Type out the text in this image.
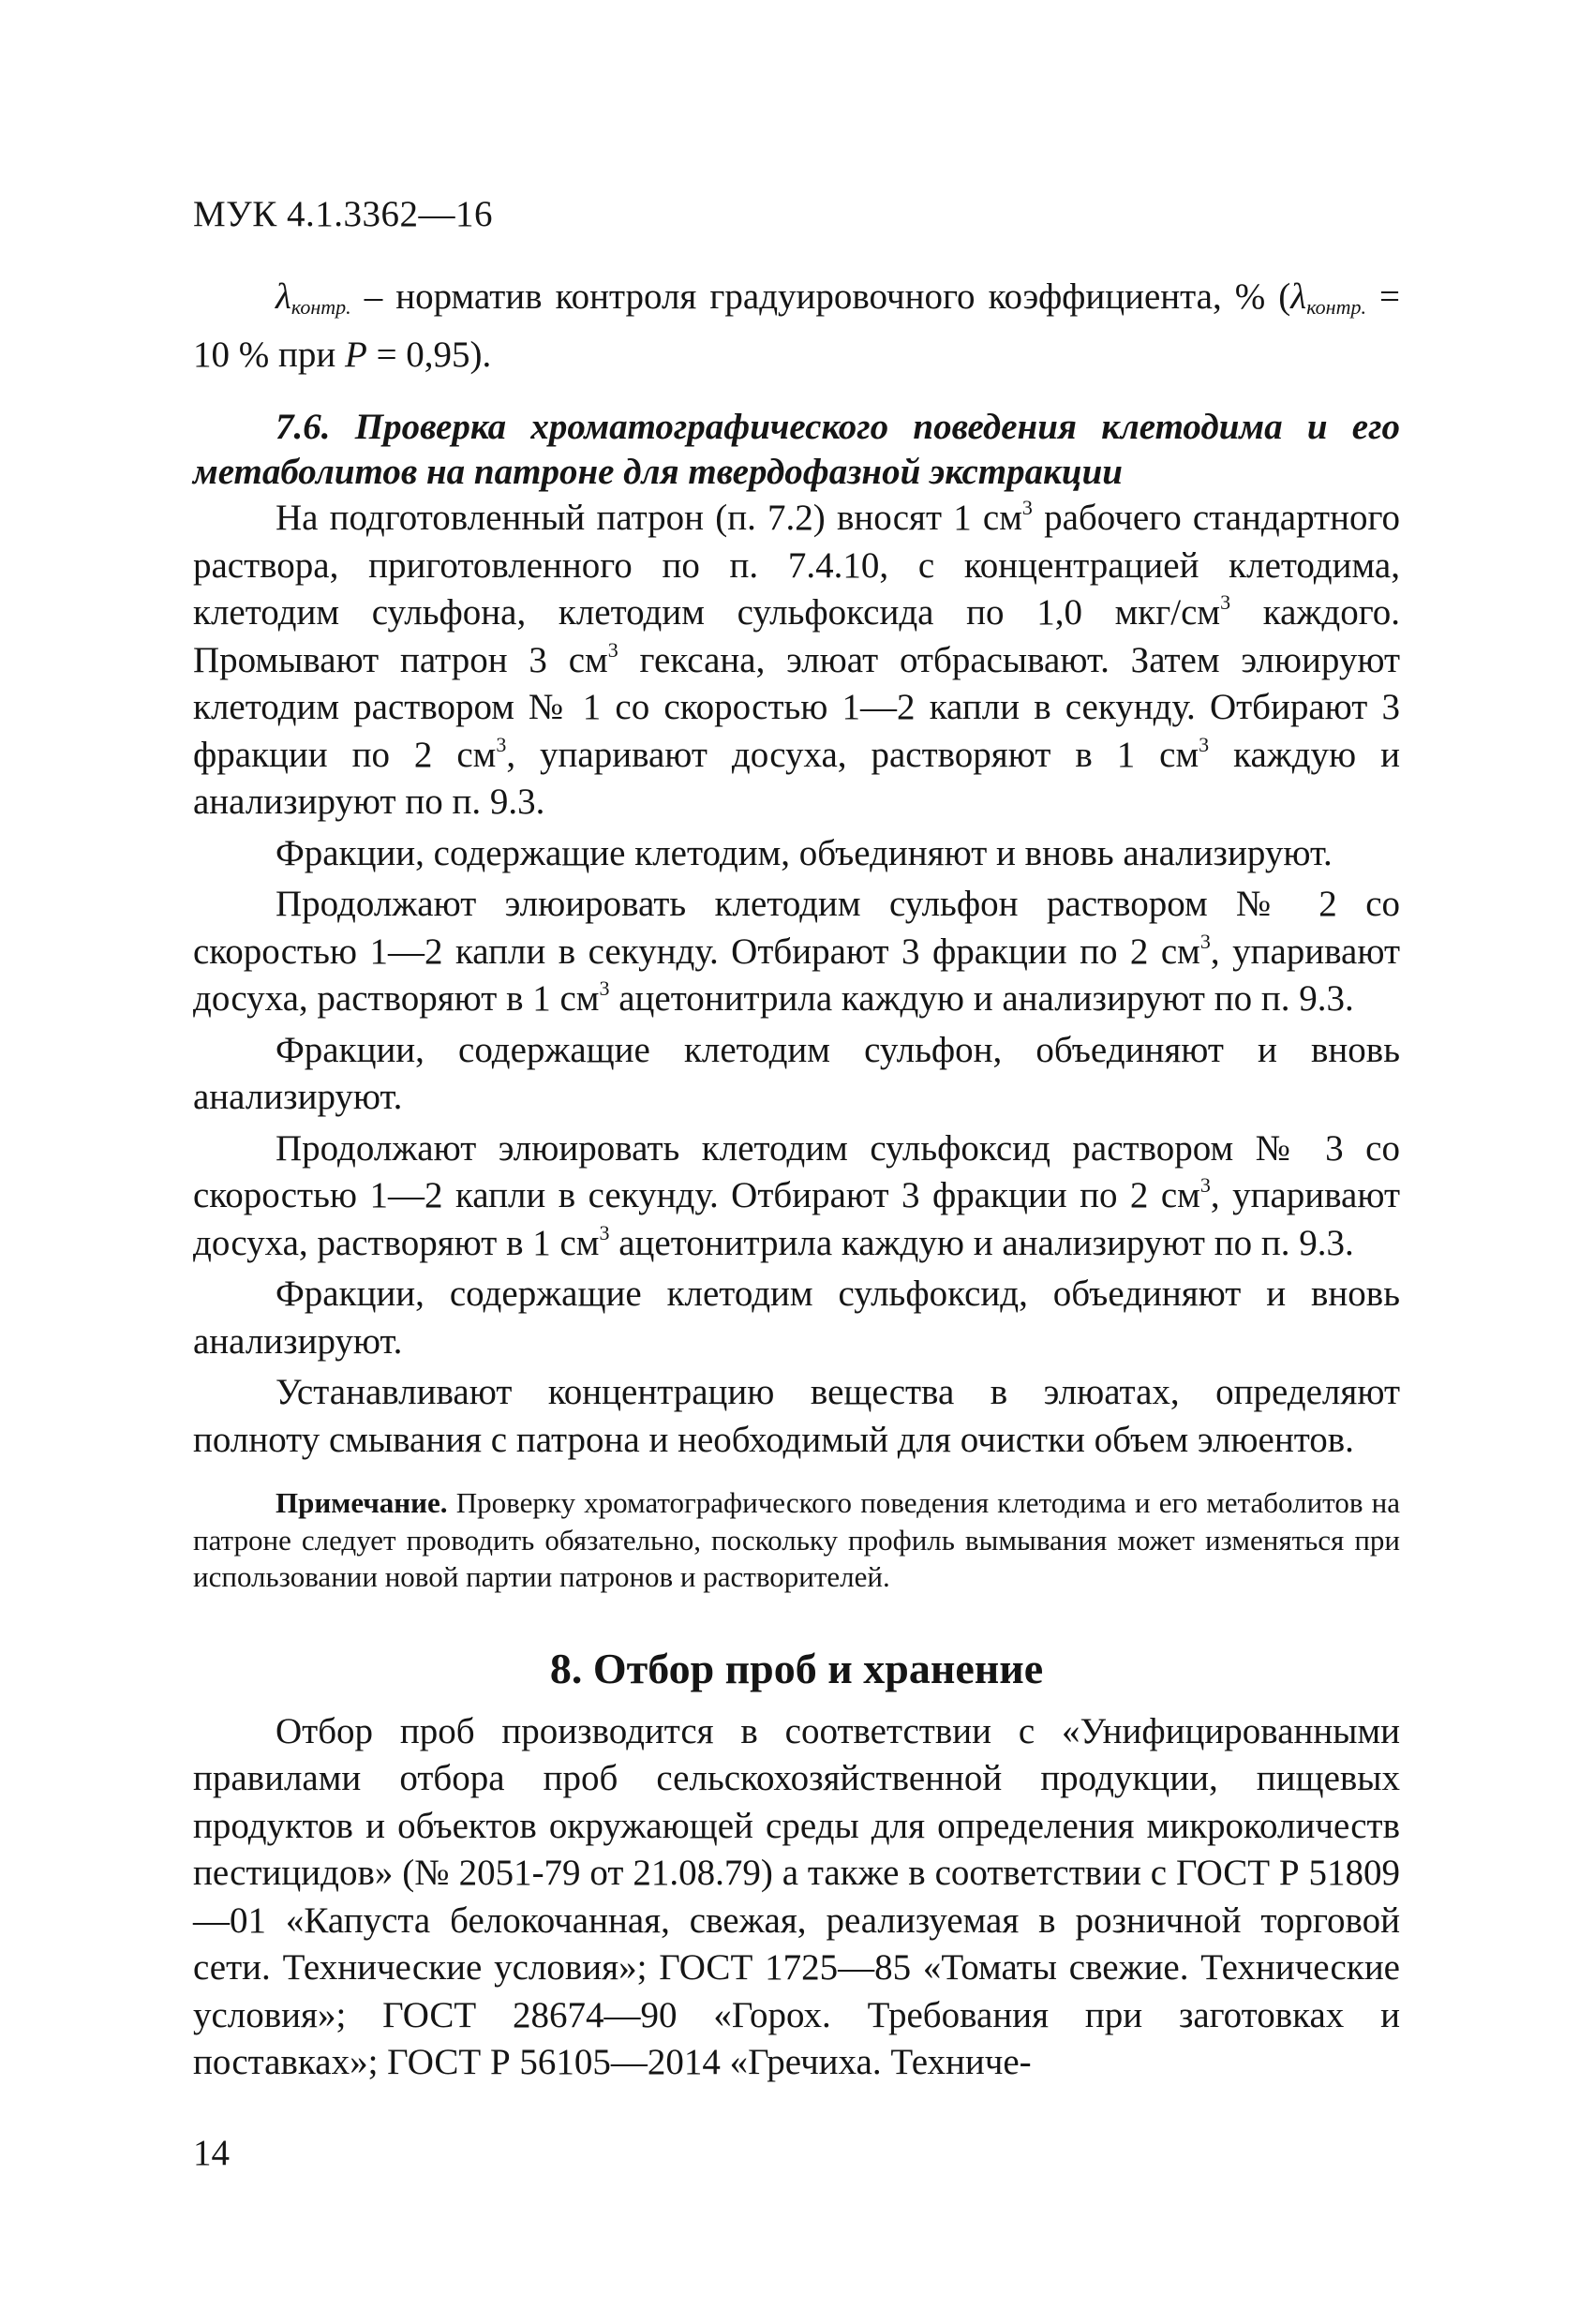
МУК 4.1.3362—16

$\lambda_{контр.}$ – норматив контроля градуировочного коэффициента, % ($\lambda_{контр.} = 10$ % при P = 0,95).

7.6. Проверка хроматографического поведения клетодима и его метаболитов на патроне для твердофазной экстракции

На подготовленный патрон (п. 7.2) вносят 1 $см^3$ рабочего стандартного раствора, приготовленного по п. 7.4.10, с концентрацией клетодима, клетодим сульфона, клетодим сульфоксида по 1,0 мкг/$см^3$ каждого. Промывают патрон 3 $см^3$ гексана, элюат отбрасывают. Затем элюируют клетодим раствором № 1 со скоростью 1—2 капли в секунду. Отбирают 3 фракции по 2 $см^3$, упаривают досуха, растворяют в 1 $см^3$ каждую и анализируют по п. 9.3.

Фракции, содержащие клетодим, объединяют и вновь анализируют.

Продолжают элюировать клетодим сульфон раствором № 2 со скоростью 1—2 капли в секунду. Отбирают 3 фракции по 2 $см^3$, упаривают досуха, растворяют в 1 $см^3$ ацетонитрила каждую и анализируют по п. 9.3.

Фракции, содержащие клетодим сульфон, объединяют и вновь анализируют.

Продолжают элюировать клетодим сульфоксид раствором № 3 со скоростью 1—2 капли в секунду. Отбирают 3 фракции по 2 $см^3$, упаривают досуха, растворяют в 1 $см^3$ ацетонитрила каждую и анализируют по п. 9.3.

Фракции, содержащие клетодим сульфоксид, объединяют и вновь анализируют.

Устанавливают концентрацию вещества в элюатах, определяют полноту смывания с патрона и необходимый для очистки объем элюентов.

Примечание. Проверку хроматографического поведения клетодима и его метаболитов на патроне следует проводить обязательно, поскольку профиль вымывания может изменяться при использовании новой партии патронов и растворителей.

8. Отбор проб и хранение

Отбор проб производится в соответствии с «Унифицированными правилами отбора проб сельскохозяйственной продукции, пищевых продуктов и объектов окружающей среды для определения микроколичеств пестицидов» (№ 2051-79 от 21.08.79) а также в соответствии с ГОСТ Р 51809—01 «Капуста белокочанная, свежая, реализуемая в розничной торговой сети. Технические условия»; ГОСТ 1725—85 «Томаты свежие. Технические условия»; ГОСТ 28674—90 «Горох. Требования при заготовках и поставках»; ГОСТ Р 56105—2014 «Гречиха. Техниче-

14
